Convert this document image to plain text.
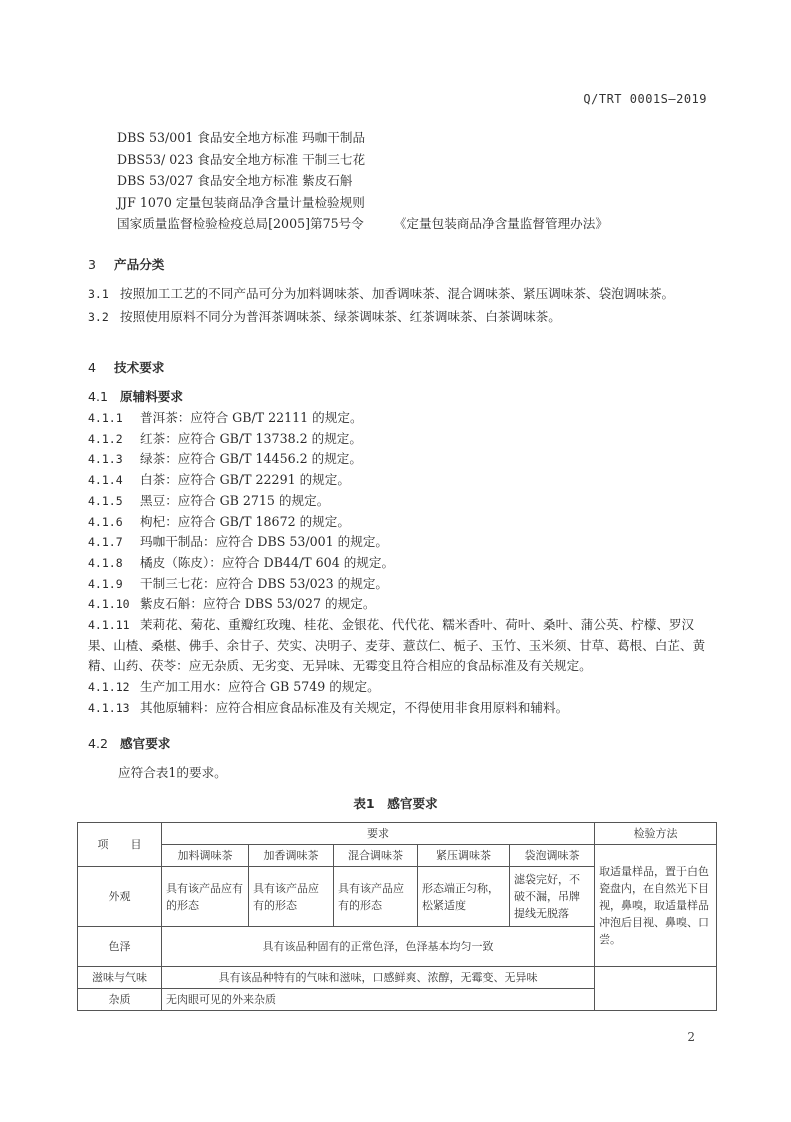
Q/TRT 0001S—2019
DBS 53/001 食品安全地方标准 玛咖干制品
DBS53/ 023 食品安全地方标准 干制三七花
DBS 53/027 食品安全地方标准 紫皮石斛
JJF 1070 定量包装商品净含量计量检验规则
国家质量监督检验检疫总局[2005]第75号令 《定量包装商品净含量监督管理办法》
3 产品分类
3.1 按照加工工艺的不同产品可分为加料调味茶、加香调味茶、混合调味茶、紧压调味茶、袋泡调味茶。
3.2 按照使用原料不同分为普洱茶调味茶、绿茶调味茶、红茶调味茶、白茶调味茶。
4 技术要求
4.1 原辅料要求
4.1.1 普洱茶：应符合 GB/T 22111 的规定。
4.1.2 红茶：应符合 GB/T 13738.2 的规定。
4.1.3 绿茶：应符合 GB/T 14456.2 的规定。
4.1.4 白茶：应符合 GB/T 22291 的规定。
4.1.5 黑豆：应符合 GB 2715 的规定。
4.1.6 枸杞：应符合 GB/T 18672 的规定。
4.1.7 玛咖干制品：应符合 DBS 53/001 的规定。
4.1.8 橘皮（陈皮）：应符合 DB44/T 604 的规定。
4.1.9 干制三七花：应符合 DBS 53/023 的规定。
4.1.10 紫皮石斛：应符合 DBS 53/027 的规定。
4.1.11 茉莉花、菊花、重瓣红玫瑰、桂花、金银花、代代花、糯米香叶、荷叶、桑叶、蒲公英、柠檬、罗汉果、山楂、桑椹、佛手、余甘子、芡实、决明子、麦芽、薏苡仁、栀子、玉竹、玉米须、甘草、葛根、白芷、黄精、山药、茯苓：应无杂质、无劣变、无异味、无霉变且符合相应的食品标准及有关规定。
4.1.12 生产加工用水：应符合 GB 5749 的规定。
4.1.13 其他原辅料：应符合相应食品标准及有关规定，不得使用非食用原料和辅料。
4.2 感官要求
应符合表1的要求。
表1　感官要求
项　　目	要求					检验方法
	加料调味茶	加香调味茶	混合调味茶	紧压调味茶	袋泡调味茶	取适量样品，置于白色瓷盘内，在自然光下目视，鼻嗅，取适量样品冲泡后目视、鼻嗅、口尝。
外观	具有该产品应有的形态	具有该产品应有的形态	具有该产品应有的形态	形态端正匀称，松紧适度	滤袋完好，不破不漏，吊牌提线无脱落	
色泽	具有该品种固有的正常色泽，色泽基本均匀一致					
滋味与气味	具有该品种特有的气味和滋味，口感鲜爽、浓醇，无霉变、无异味					
杂质	无肉眼可见的外来杂质					
2
